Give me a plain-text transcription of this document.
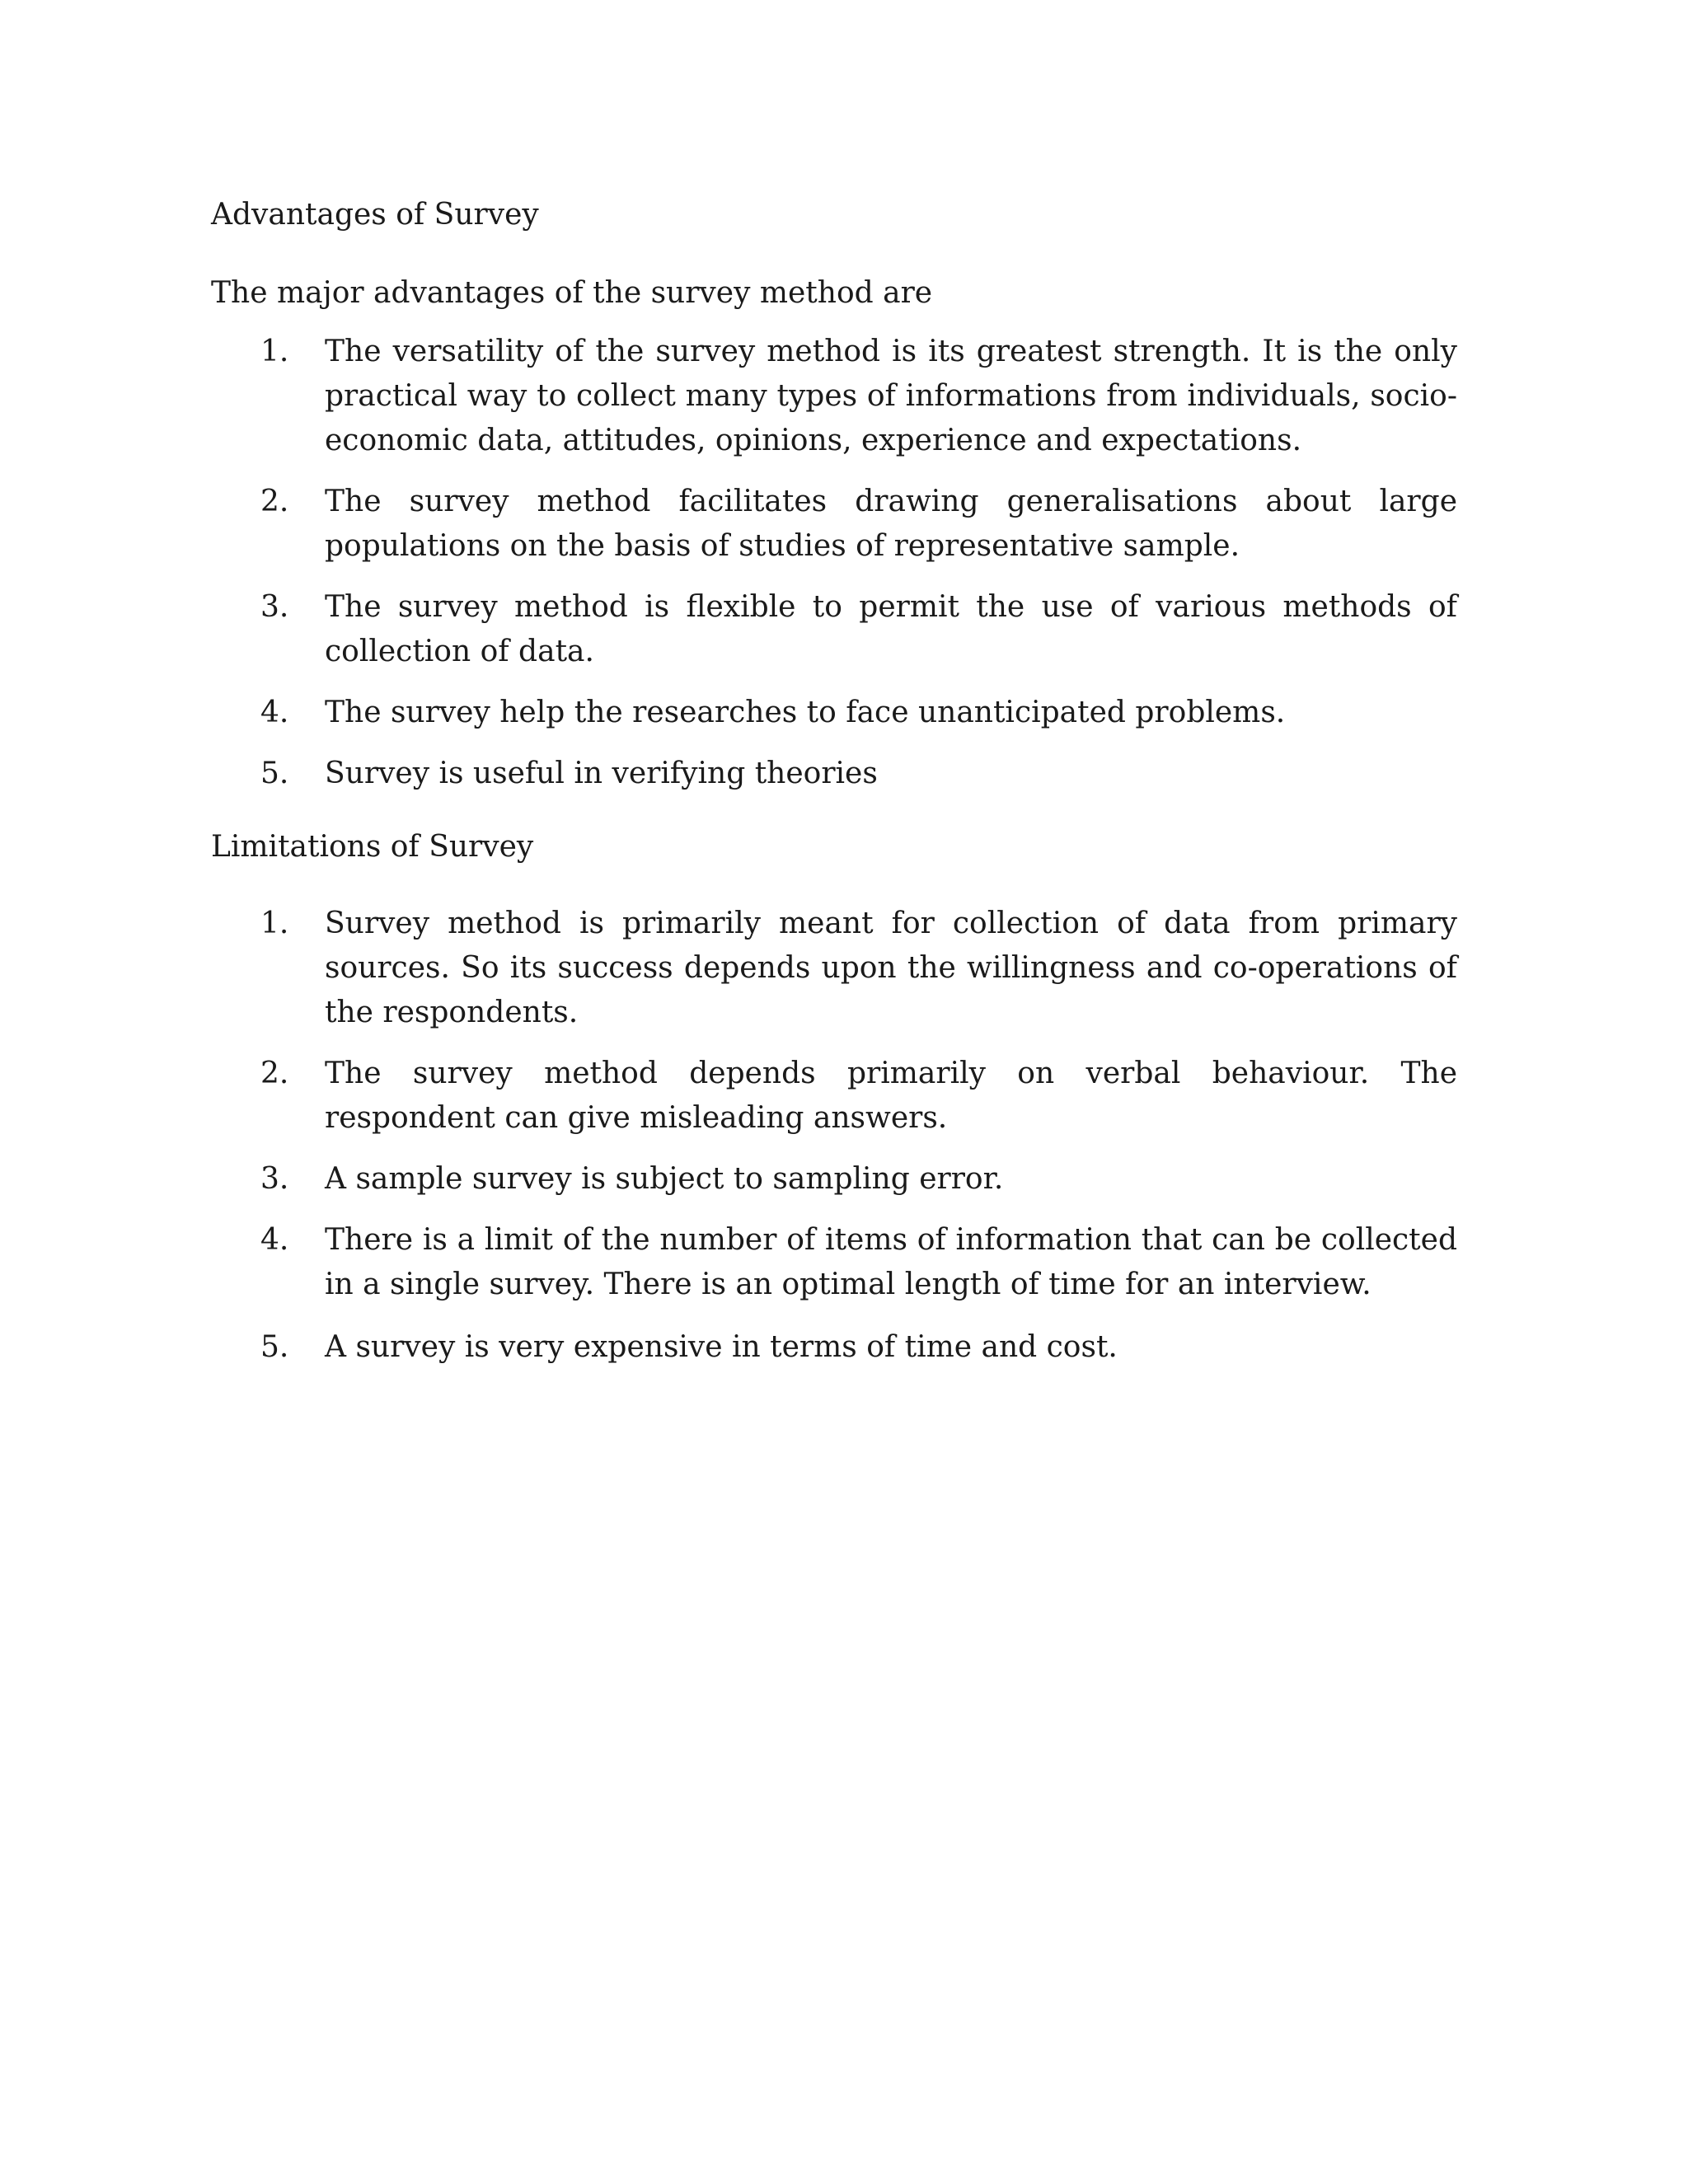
Advantages of Survey
The major advantages of the survey method are
1.	The versatility of the survey method is its greatest strength. It is the only practical way to collect many types of informations from individuals, socio-economic data, attitudes, opinions, experience and expectations.
2.	The survey method facilitates drawing generalisations about large populations on the basis of studies of representative sample.
3.	The survey method is flexible to permit the use of various methods of collection of data.
4.	The survey help the researches to face unanticipated problems.
5.	Survey is useful in verifying theories
Limitations of Survey
1.	Survey method is primarily meant for collection of data from primary sources. So its success depends upon the willingness and co-operations of the respondents.
2.	The survey method depends primarily on verbal behaviour. The respondent can give misleading answers.
3.	A sample survey is subject to sampling error.
4.	There is a limit of the number of items of information that can be collected in a single survey. There is an optimal length of time for an interview.
5.	A survey is very expensive in terms of time and cost.
